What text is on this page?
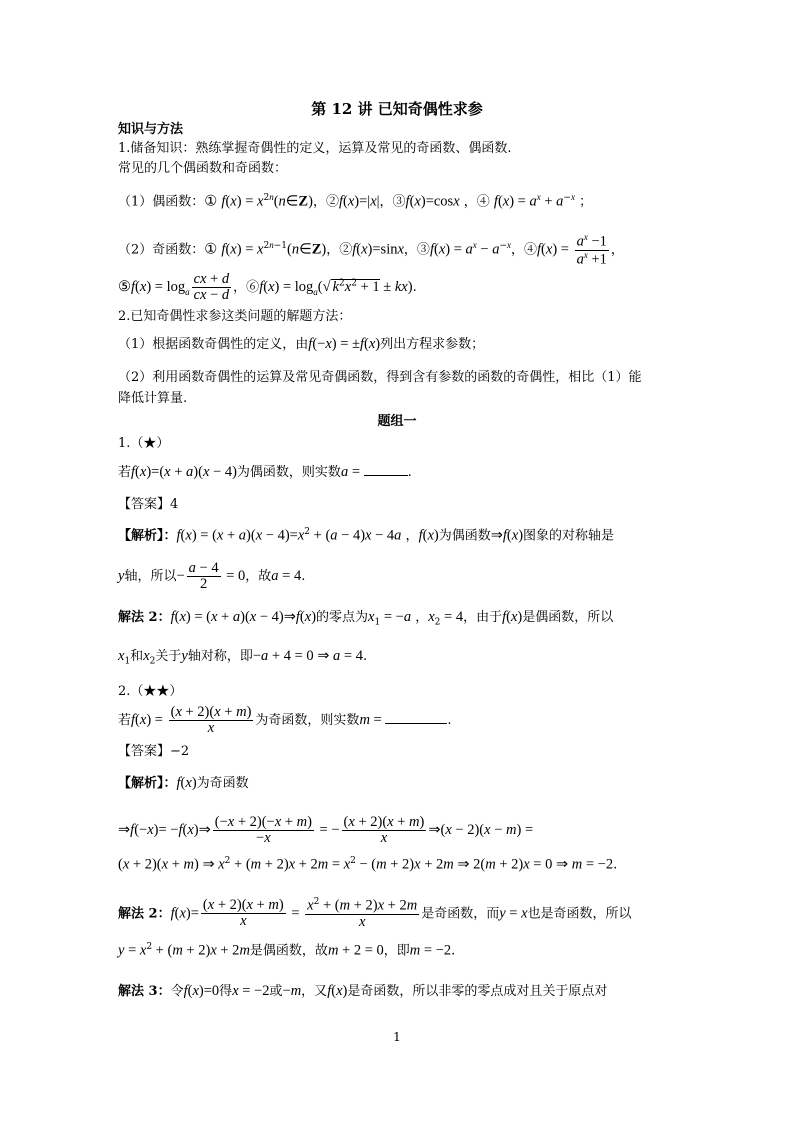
第 12 讲 已知奇偶性求参
知识与方法
1.储备知识：熟练掌握奇偶性的定义，运算及常见的奇函数、偶函数.
常见的几个偶函数和奇函数：
（1）偶函数：① $f(x) = x^{2n}(n\in Z)$，②f(x)=|x|，③f(x)=cosx ，④ $f(x) = a^x + a^{-x}$ ；
（2）奇函数：① $f(x) = x^{2n-1}(n\in Z)$，②f(x)=sinx，③f(x) = $a^x - a^{-x}$，④f(x) = $\frac{a^x -1}{a^x +1}$ ，
⑤f(x) = $\log_a \frac{cx + d}{cx - d}$ ，⑥f(x) = $\log_a(√$ $k^2x^2 + 1 \pm kx$).
2.已知奇偶性求参这类问题的解题方法：
（1）根据函数奇偶性的定义，由f(−x) = ±f(x)列出方程求参数；
（2）利用函数奇偶性的运算及常见奇偶函数，得到含有参数的函数的奇偶性，相比（1）能
降低计算量.
题组一
1.（★）
若f(x)=(x + a)(x − 4)为偶函数，则实数a =	.
【答案】4
【解析】：$f(x) = (x + a)(x - 4)=x^2 + (a - 4)x - 4a$ ，f(x)为偶函数⇒f(x)图象的对称轴是
y轴，所以− $\frac{a - 4}{2} = 0$，故a = 4.
解法 2：f(x) = (x + a)(x − 4)⇒f(x)的零点为$x_1 = -a$ ，$x_2 = 4$，由于f(x)是偶函数，所以
$x_1$和$x_2$关于y轴对称，即−a + 4 = 0 ⇒ a = 4.
2.（★★）
若$f(x) = \frac{(x + 2)(x + m)}{x}$ 为奇函数，则实数m =	.
【答案】−2
【解析】：f(x)为奇函数
⇒f(−x)= −f(x)⇒ $\frac{(-x + 2)(-x + m)}{-x}$ = − $\frac{(x + 2)(x + m)}{x}$ ⇒(x − 2)(x − m) =
(x + 2)(x + m) ⇒ $x^2 + (m + 2)x + 2m = x^2 - (m + 2)x + 2m$ ⇒ 2(m + 2)x = 0 ⇒ m = −2.
解法 2：$f(x)= \frac{(x + 2)(x + m)}{x} = \frac{x^2 + (m + 2)x + 2m}{x}$ 是奇函数，而y = x也是奇函数，所以
$y = x^2 + (m + 2)x + 2m$是偶函数，故m + 2 = 0，即m = −2.
解法 3：令f(x)=0得x = −2或−m，又f(x)是奇函数，所以非零的零点成对且关于原点对
1
